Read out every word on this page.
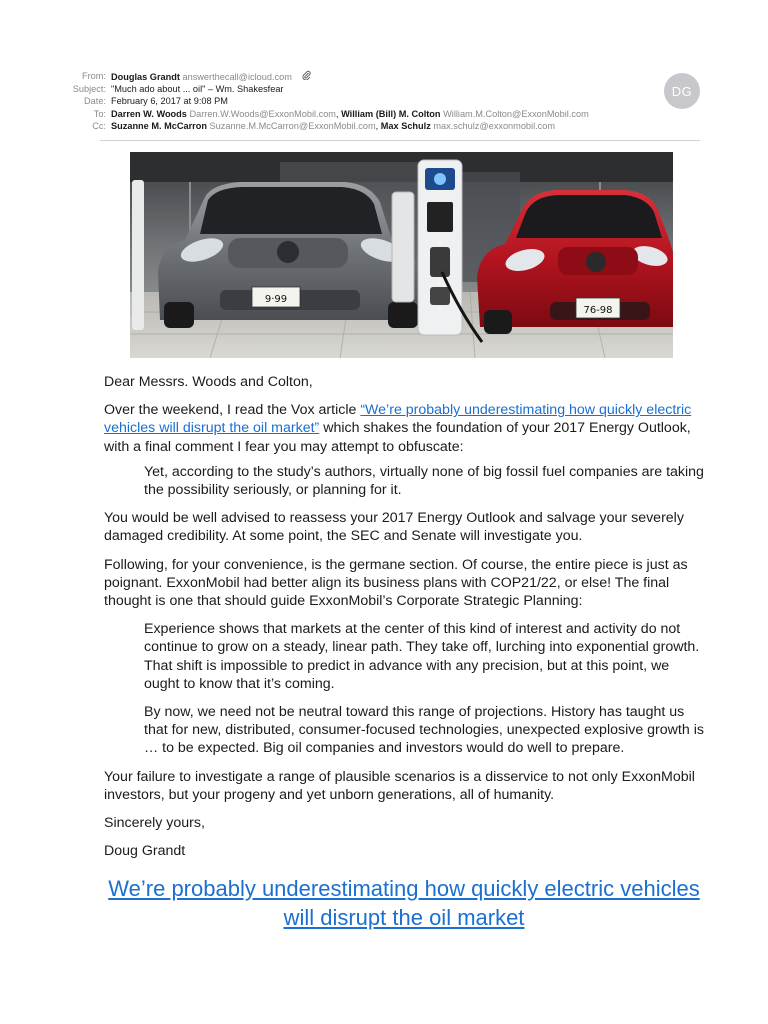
From: Douglas Grandt answerthecall@icloud.com
Subject: "Much ado about ... oil" – Wm. Shakesfear
Date: February 6, 2017 at 9:08 PM
To: Darren W. Woods Darren.W.Woods@ExxonMobil.com, William (Bill) M. Colton William.M.Colton@ExxonMobil.com
Cc: Suzanne M. McCarron Suzanne.M.McCarron@ExxonMobil.com, Max Schulz max.schulz@exxonmobil.com
DG
9·99
76-98

Dear Messrs. Woods and Colton,

Over the weekend, I read the Vox article “We’re probably underestimating how quickly electric vehicles will disrupt the oil market” which shakes the foundation of your 2017 Energy Outlook, with a final comment I fear you may attempt to obfuscate:

Yet, according to the study’s authors, virtually none of big fossil fuel companies are taking the possibility seriously, or planning for it.

You would be well advised to reassess your 2017 Energy Outlook and salvage your severely damaged credibility. At some point, the SEC and Senate will investigate you.

Following, for your convenience, is the germane section. Of course, the entire piece is just as poignant. ExxonMobil had better align its business plans with COP21/22, or else! The final thought is one that should guide ExxonMobil’s Corporate Strategic Planning:

Experience shows that markets at the center of this kind of interest and activity do not continue to grow on a steady, linear path. They take off, lurching into exponential growth. That shift is impossible to predict in advance with any precision, but at this point, we ought to know that it’s coming.

By now, we need not be neutral toward this range of projections. History has taught us that for new, distributed, consumer-focused technologies, unexpected explosive growth is … to be expected. Big oil companies and investors would do well to prepare.

Your failure to investigate a range of plausible scenarios is a disservice to not only ExxonMobil investors, but your progeny and yet unborn generations, all of humanity.

Sincerely yours,

Doug Grandt

We’re probably underestimating how quickly electric vehicles will disrupt the oil market
